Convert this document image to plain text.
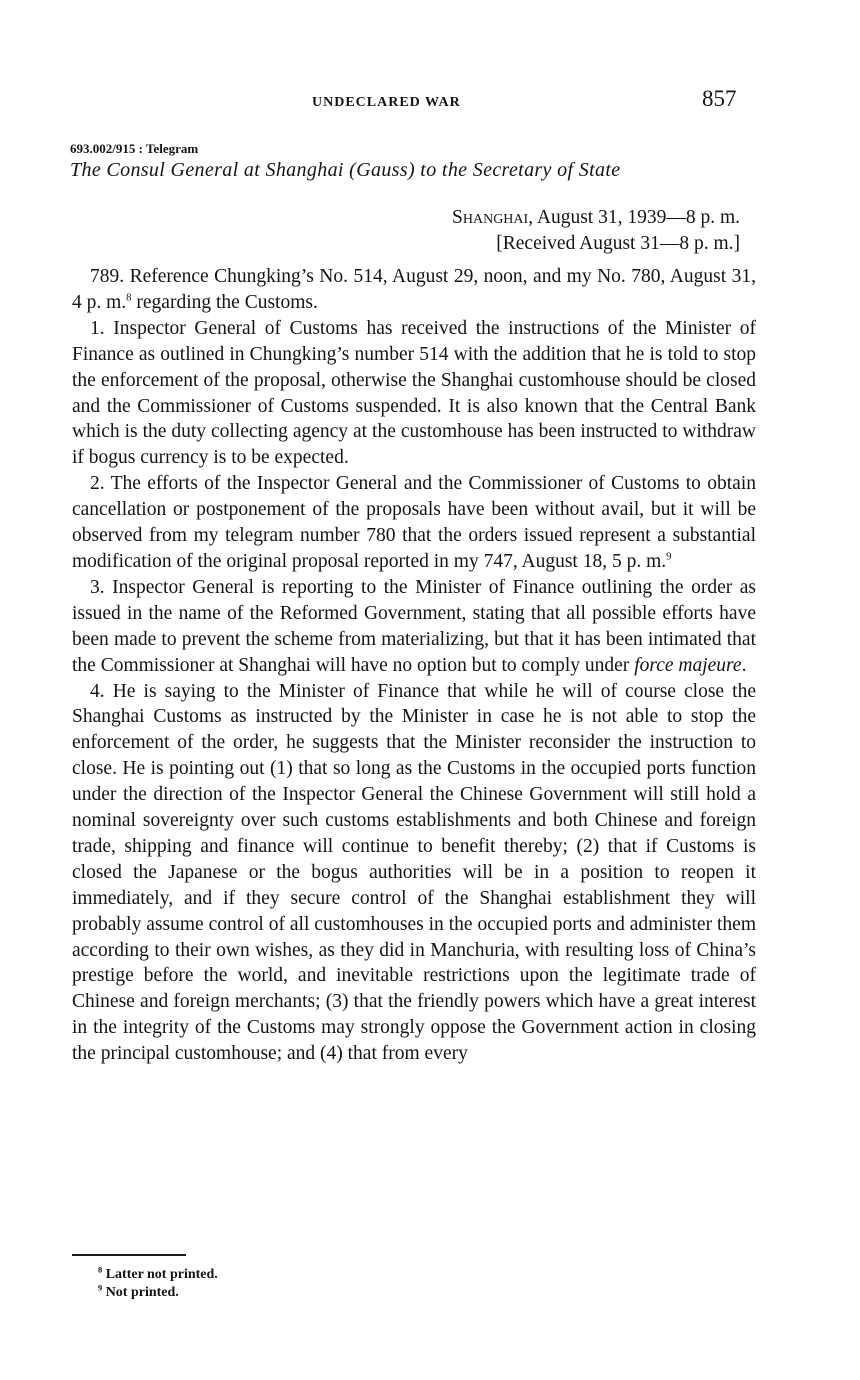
UNDECLARED WAR	857
693.002/915 : Telegram
The Consul General at Shanghai (Gauss) to the Secretary of State
Shanghai, August 31, 1939—8 p. m.
[Received August 31—8 p. m.]

789. Reference Chungking’s No. 514, August 29, noon, and my No. 780, August 31, 4 p. m.$^8$ regarding the Customs.

1. Inspector General of Customs has received the instructions of the Minister of Finance as outlined in Chungking’s number 514 with the addition that he is told to stop the enforcement of the proposal, otherwise the Shanghai customhouse should be closed and the Commissioner of Customs suspended. It is also known that the Central Bank which is the duty collecting agency at the customhouse has been instructed to withdraw if bogus currency is to be expected.

2. The efforts of the Inspector General and the Commissioner of Customs to obtain cancellation or postponement of the proposals have been without avail, but it will be observed from my telegram number 780 that the orders issued represent a substantial modification of the original proposal reported in my 747, August 18, 5 p. m.$^9$

3. Inspector General is reporting to the Minister of Finance outlining the order as issued in the name of the Reformed Government, stating that all possible efforts have been made to prevent the scheme from materializing, but that it has been intimated that the Commissioner at Shanghai will have no option but to comply under force majeure.

4. He is saying to the Minister of Finance that while he will of course close the Shanghai Customs as instructed by the Minister in case he is not able to stop the enforcement of the order, he suggests that the Minister reconsider the instruction to close. He is pointing out (1) that so long as the Customs in the occupied ports function under the direction of the Inspector General the Chinese Government will still hold a nominal sovereignty over such customs establishments and both Chinese and foreign trade, shipping and finance will continue to benefit thereby; (2) that if Customs is closed the Japanese or the bogus authorities will be in a position to reopen it immediately, and if they secure control of the Shanghai establishment they will probably assume control of all customhouses in the occupied ports and administer them according to their own wishes, as they did in Manchuria, with resulting loss of China’s prestige before the world, and inevitable restrictions upon the legitimate trade of Chinese and foreign merchants; (3) that the friendly powers which have a great interest in the integrity of the Customs may strongly oppose the Government action in closing the principal customhouse; and (4) that from every

$^8$ Latter not printed.
$^9$ Not printed.
